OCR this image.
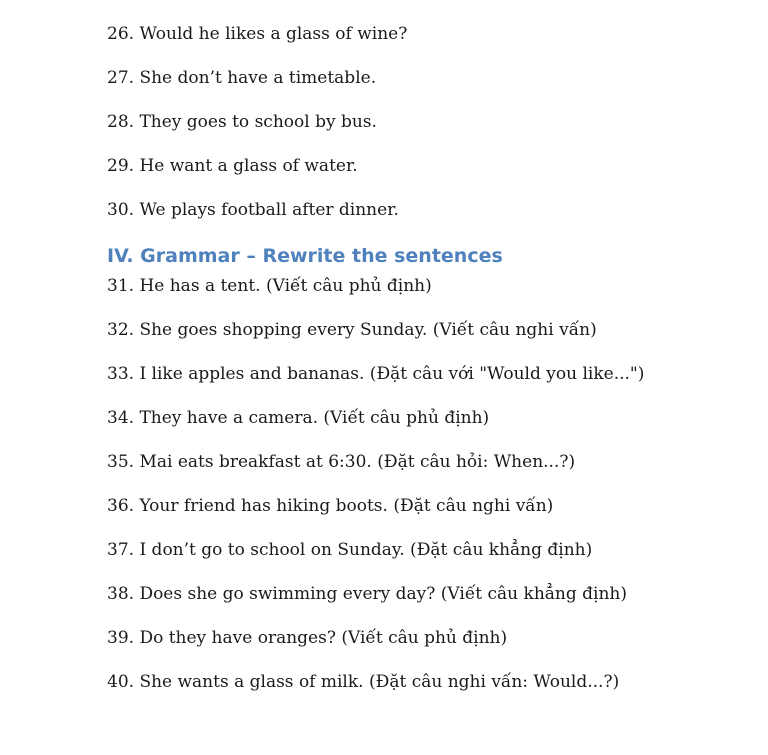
26. Would he likes a glass of wine?

27. She don’t have a timetable.

28. They goes to school by bus.

29. He want a glass of water.

30. We plays football after dinner.

IV. Grammar – Rewrite the sentences

31. He has a tent. (Viết câu phủ định)

32. She goes shopping every Sunday. (Viết câu nghi vấn)

33. I like apples and bananas. (Đặt câu với "Would you like...")

34. They have a camera. (Viết câu phủ định)

35. Mai eats breakfast at 6:30. (Đặt câu hỏi: When...?)

36. Your friend has hiking boots. (Đặt câu nghi vấn)

37. I don’t go to school on Sunday. (Đặt câu khẳng định)

38. Does she go swimming every day? (Viết câu khẳng định)

39. Do they have oranges? (Viết câu phủ định)

40. She wants a glass of milk. (Đặt câu nghi vấn: Would...?)
